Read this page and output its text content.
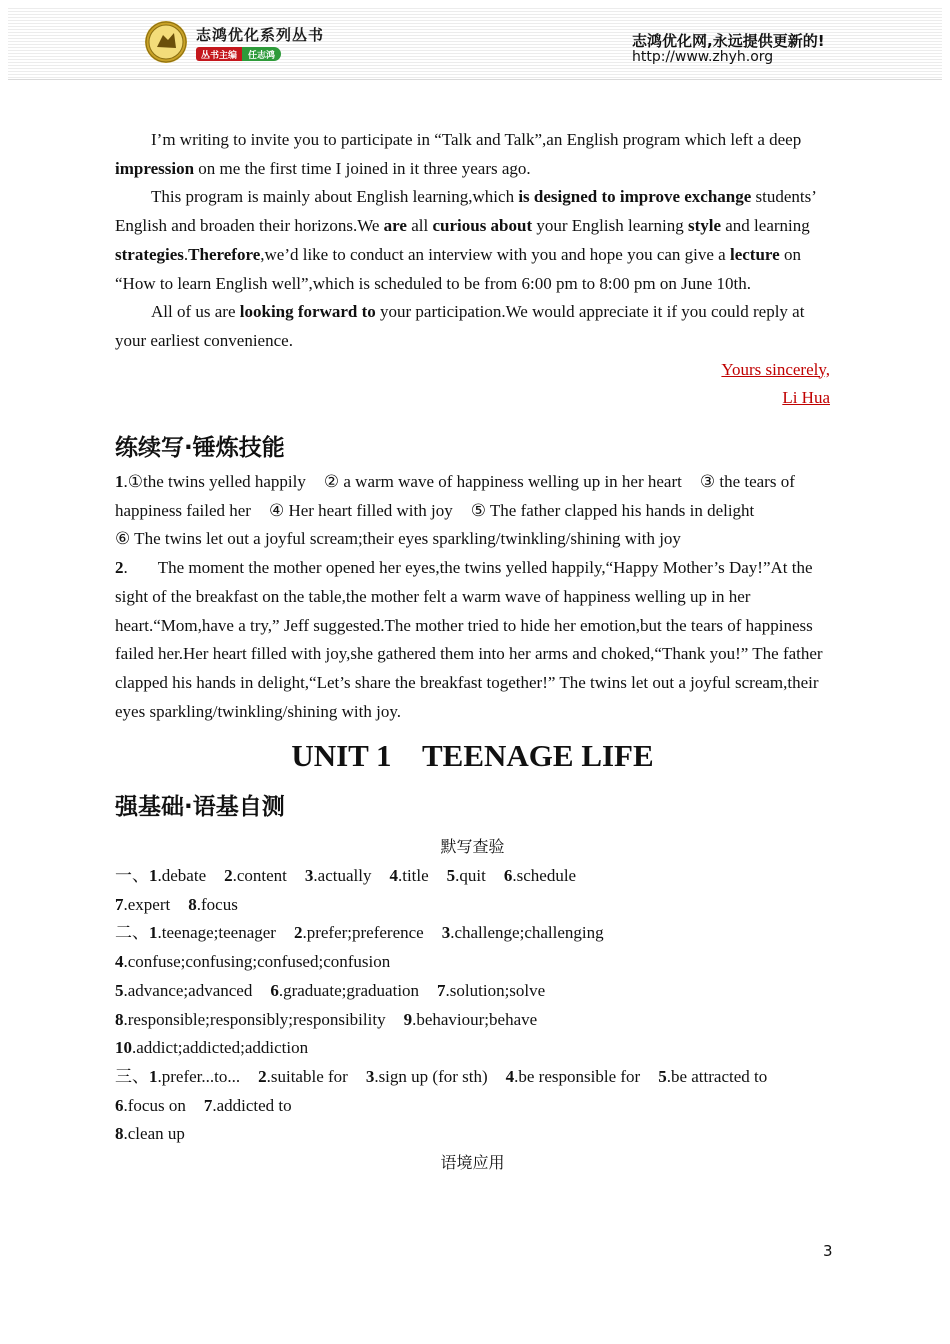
志鸿优化系列丛书
丛书主编	任志鸿
志鸿优化网,永远提供更新的!
http://www.zhyh.org

I’m writing to invite you to participate in “Talk and Talk”,an English program which left a deep impression on me the first time I joined in it three years ago.

This program is mainly about English learning,which is designed to improve exchange students’ English and broaden their horizons.We are all curious about your English learning style and learning strategies.Therefore,we’d like to conduct an interview with you and hope you can give a lecture on “How to learn English well”,which is scheduled to be from 6:00 pm to 8:00 pm on June 10th.

All of us are looking forward to your participation.We would appreciate it if you could reply at your earliest convenience.

Yours sincerely,
Li Hua
练续写·锤炼技能

1.①the twins yelled happily ② a warm wave of happiness welling up in her heart ③ the tears of happiness failed her ④ Her heart filled with joy ⑤ The father clapped his hands in delight
⑥ The twins let out a joyful scream;their eyes sparkling/twinkling/shining with joy

2. The moment the mother opened her eyes,the twins yelled happily,“Happy Mother’s Day!”At the sight of the breakfast on the table,the mother felt a warm wave of happiness welling up in her heart.“Mom,have a try,” Jeff suggested.The mother tried to hide her emotion,but the tears of happiness failed her.Her heart filled with joy,she gathered them into her arms and choked,“Thank you!” The father clapped his hands in delight,“Let’s share the breakfast together!” The twins let out a joyful scream,their eyes sparkling/twinkling/shining with joy.

UNIT 1    TEENAGE LIFE
强基础·语基自测

默写查验

一、1.debate 2.content 3.actually 4.title 5.quit 6.schedule
7.expert 8.focus
二、1.teenage;teenager 2.prefer;preference 3.challenge;challenging
4.confuse;confusing;confused;confusion
5.advance;advanced 6.graduate;graduation 7.solution;solve
8.responsible;responsibly;responsibility 9.behaviour;behave
10.addict;addicted;addiction
三、1.prefer...to... 2.suitable for 3.sign up (for sth) 4.be responsible for 5.be attracted to
6.focus on 7.addicted to
8.clean up

语境应用

3
